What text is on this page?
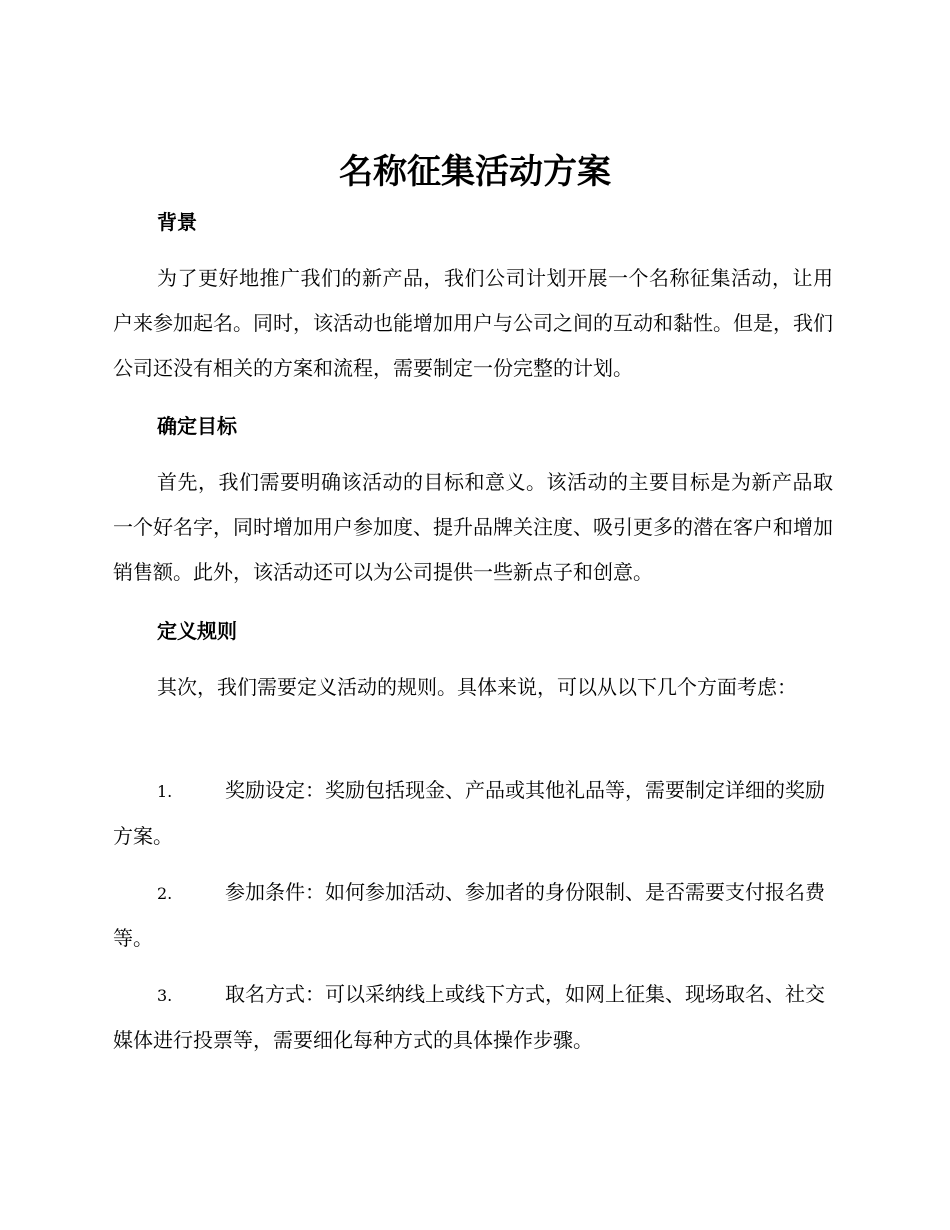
名称征集活动方案
背景

为了更好地推广我们的新产品，我们公司计划开展一个名称征集活动，让用户来参加起名。同时，该活动也能增加用户与公司之间的互动和黏性。但是，我们公司还没有相关的方案和流程，需要制定一份完整的计划。

确定目标

首先，我们需要明确该活动的目标和意义。该活动的主要目标是为新产品取一个好名字，同时增加用户参加度、提升品牌关注度、吸引更多的潜在客户和增加销售额。此外，该活动还可以为公司提供一些新点子和创意。

定义规则

其次，我们需要定义活动的规则。具体来说，可以从以下几个方面考虑：

1.	奖励设定：奖励包括现金、产品或其他礼品等，需要制定详细的奖励方案。

2.	参加条件：如何参加活动、参加者的身份限制、是否需要支付报名费等。

3.	取名方式：可以采纳线上或线下方式，如网上征集、现场取名、社交媒体进行投票等，需要细化每种方式的具体操作步骤。
